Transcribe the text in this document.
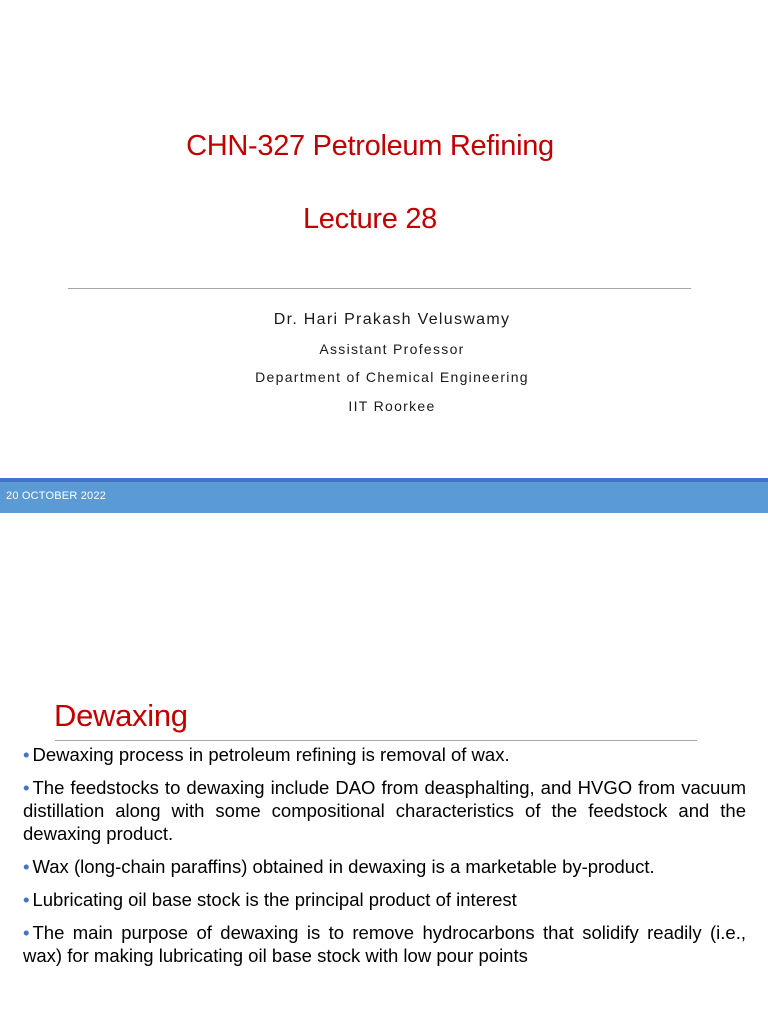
CHN-327 Petroleum Refining
Lecture 28
Dr. Hari Prakash Veluswamy
Assistant Professor
Department of Chemical Engineering
IIT Roorkee
20 OCTOBER 2022
Dewaxing
• Dewaxing process in petroleum refining is removal of wax.
• The feedstocks to dewaxing include DAO from deasphalting, and HVGO from vacuum distillation along with some compositional characteristics of the feedstock and the dewaxing product.
• Wax (long-chain paraffins) obtained in dewaxing is a marketable by-product.
• Lubricating oil base stock is the principal product of interest
• The main purpose of dewaxing is to remove hydrocarbons that solidify readily (i.e., wax) for making lubricating oil base stock with low pour points
